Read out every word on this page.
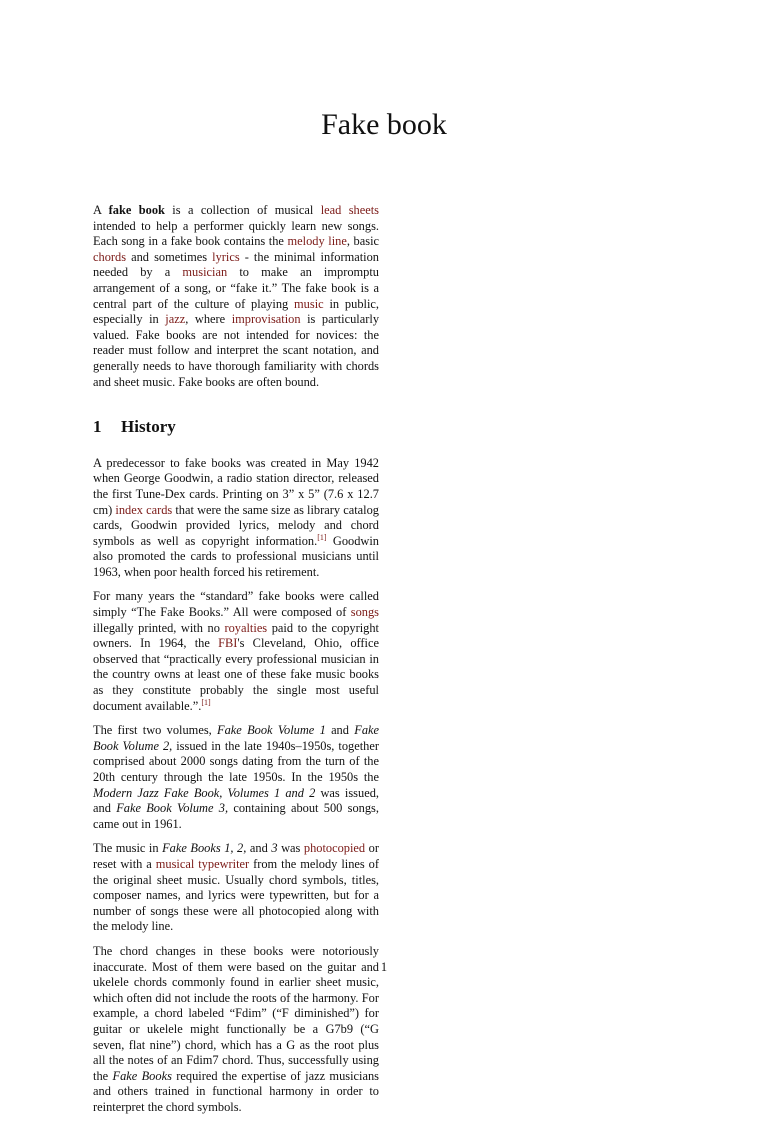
Fake book

A fake book is a collection of musical lead sheets intended to help a performer quickly learn new songs. Each song in a fake book contains the melody line, basic chords and sometimes lyrics - the minimal information needed by a musician to make an impromptu arrangement of a song, or “fake it.” The fake book is a central part of the culture of playing music in public, especially in jazz, where improvisation is particularly valued. Fake books are not intended for novices: the reader must follow and interpret the scant notation, and generally needs to have thorough familiarity with chords and sheet music. Fake books are often bound.

1 History

A predecessor to fake books was created in May 1942 when George Goodwin, a radio station director, released the first Tune-Dex cards. Printing on 3” x 5” (7.6 x 12.7 cm) index cards that were the same size as library catalog cards, Goodwin provided lyrics, melody and chord symbols as well as copyright information.[1] Goodwin also promoted the cards to professional musicians until 1963, when poor health forced his retirement.

For many years the “standard” fake books were called simply “The Fake Books.” All were composed of songs illegally printed, with no royalties paid to the copyright owners. In 1964, the FBI's Cleveland, Ohio, office observed that “practically every professional musician in the country owns at least one of these fake music books as they constitute probably the single most useful document available.”.[1]

The first two volumes, Fake Book Volume 1 and Fake Book Volume 2, issued in the late 1940s–1950s, together comprised about 2000 songs dating from the turn of the 20th century through the late 1950s. In the 1950s the Modern Jazz Fake Book, Volumes 1 and 2 was issued, and Fake Book Volume 3, containing about 500 songs, came out in 1961.

The music in Fake Books 1, 2, and 3 was photocopied or reset with a musical typewriter from the melody lines of the original sheet music. Usually chord symbols, titles, composer names, and lyrics were typewritten, but for a number of songs these were all photocopied along with the melody line.

The chord changes in these books were notoriously inaccurate. Most of them were based on the guitar and ukelele chords commonly found in earlier sheet music, which often did not include the roots of the harmony. For example, a chord labeled “Fdim” (“F diminished”) for guitar or ukelele might functionally be a G7b9 (“G seven, flat nine”) chord, which has a G as the root plus all the notes of an Fdim7 chord. Thus, successfully using the Fake Books required the expertise of jazz musicians and others trained in functional harmony in order to reinterpret the chord symbols.

1
